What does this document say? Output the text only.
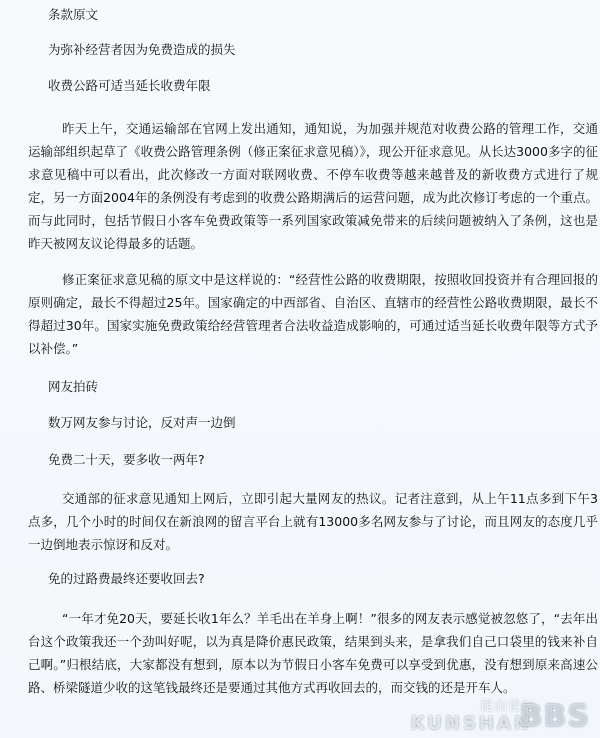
条款原文
为弥补经营者因为免费造成的损失
收费公路可适当延长收费年限
昨天上午，交通运输部在官网上发出通知，通知说，为加强并规范对收费公路的管理工作，交通运输部组织起草了《收费公路管理条例（修正案征求意见稿）》，现公开征求意见。从长达3000多字的征求意见稿中可以看出，此次修改一方面对联网收费、不停车收费等越来越普及的新收费方式进行了规定，另一方面2004年的条例没有考虑到的收费公路期满后的运营问题，成为此次修订考虑的一个重点。而与此同时，包括节假日小客车免费政策等一系列国家政策减免带来的后续问题被纳入了条例，这也是昨天被网友议论得最多的话题。
修正案征求意见稿的原文中是这样说的：“经营性公路的收费期限，按照收回投资并有合理回报的原则确定，最长不得超过25年。国家确定的中西部省、自治区、直辖市的经营性公路收费期限，最长不得超过30年。国家实施免费政策给经营管理者合法收益造成影响的，可通过适当延长收费年限等方式予以补偿。”
网友拍砖
数万网友参与讨论，反对声一边倒
免费二十天，要多收一两年?
交通部的征求意见通知上网后，立即引起大量网友的热议。记者注意到，从上午11点多到下午3点多，几个小时的时间仅在新浪网的留言平台上就有13000多名网友参与了讨论，而且网友的态度几乎一边倒地表示惊讶和反对。
免的过路费最终还要收回去?
“一年才免20天，要延长收1年么？羊毛出在羊身上啊！”很多的网友表示感觉被忽悠了，“去年出台这个政策我还一个劲叫好呢，以为真是降价惠民政策，结果到头来，是拿我们自己口袋里的钱来补自己啊。”归根结底，大家都没有想到，原本以为节假日小客车免费可以享受到优惠，没有想到原来高速公路、桥梁隧道少收的这笔钱最终还是要通过其他方式再收回去的，而交钱的还是开车人。
昆山论坛
KUNSHAN
BBS
